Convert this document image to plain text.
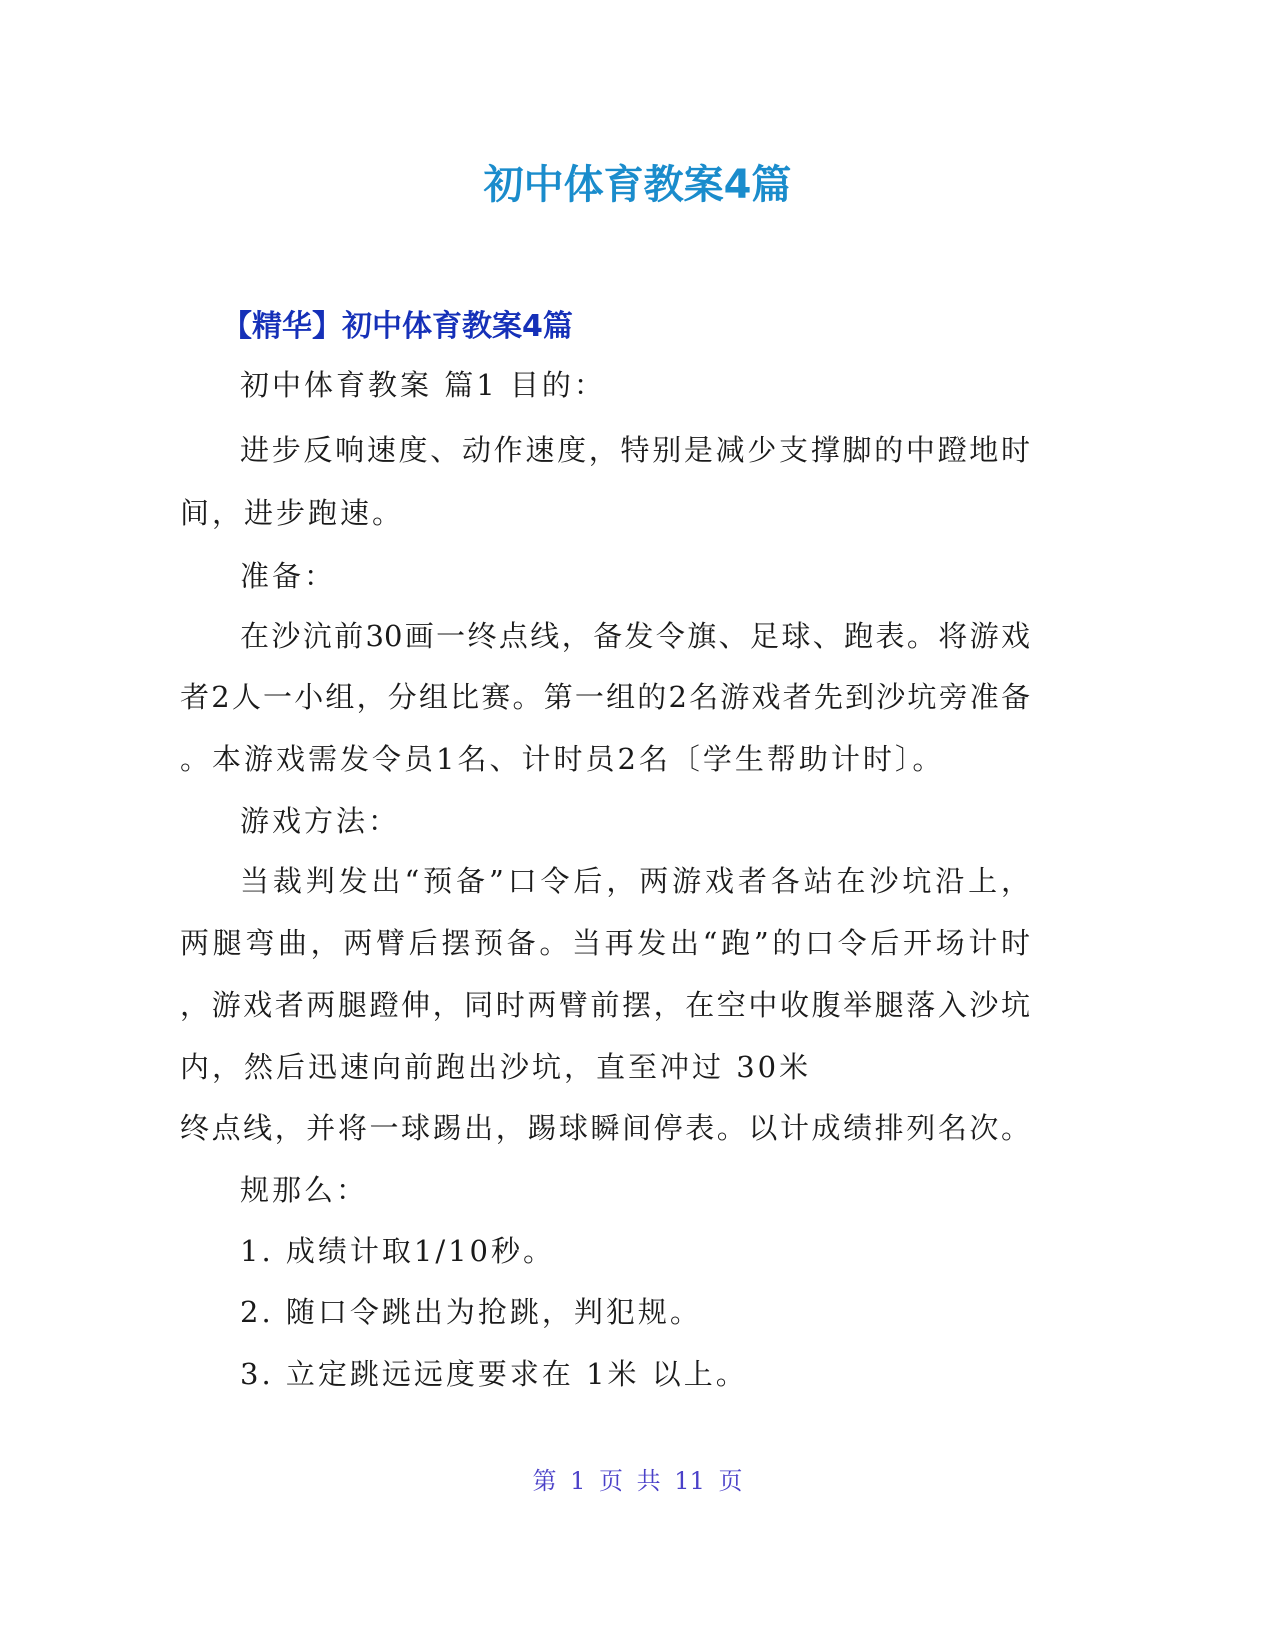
初中体育教案4篇
【精华】初中体育教案4篇

初中体育教案 篇1 目的：

进步反响速度、动作速度，特别是减少支撑脚的中蹬地时

间，进步跑速。

准备：

在沙沆前30画一终点线，备发令旗、足球、跑表。将游戏

者2人一小组，分组比赛。第一组的2名游戏者先到沙坑旁准备

。本游戏需发令员1名、计时员2名〔学生帮助计时〕。

游戏方法：

当裁判发出“预备”口令后，两游戏者各站在沙坑沿上，

两腿弯曲，两臂后摆预备。当再发出“跑”的口令后开场计时

，游戏者两腿蹬伸，同时两臂前摆，在空中收腹举腿落入沙坑

内，然后迅速向前跑出沙坑，直至冲过 30米

终点线，并将一球踢出，踢球瞬间停表。以计成绩排列名次。

规那么：

1. 成绩计取1/10秒。

2. 随口令跳出为抢跳，判犯规。

3. 立定跳远远度要求在 1米 以上。

第 1 页 共 11 页
